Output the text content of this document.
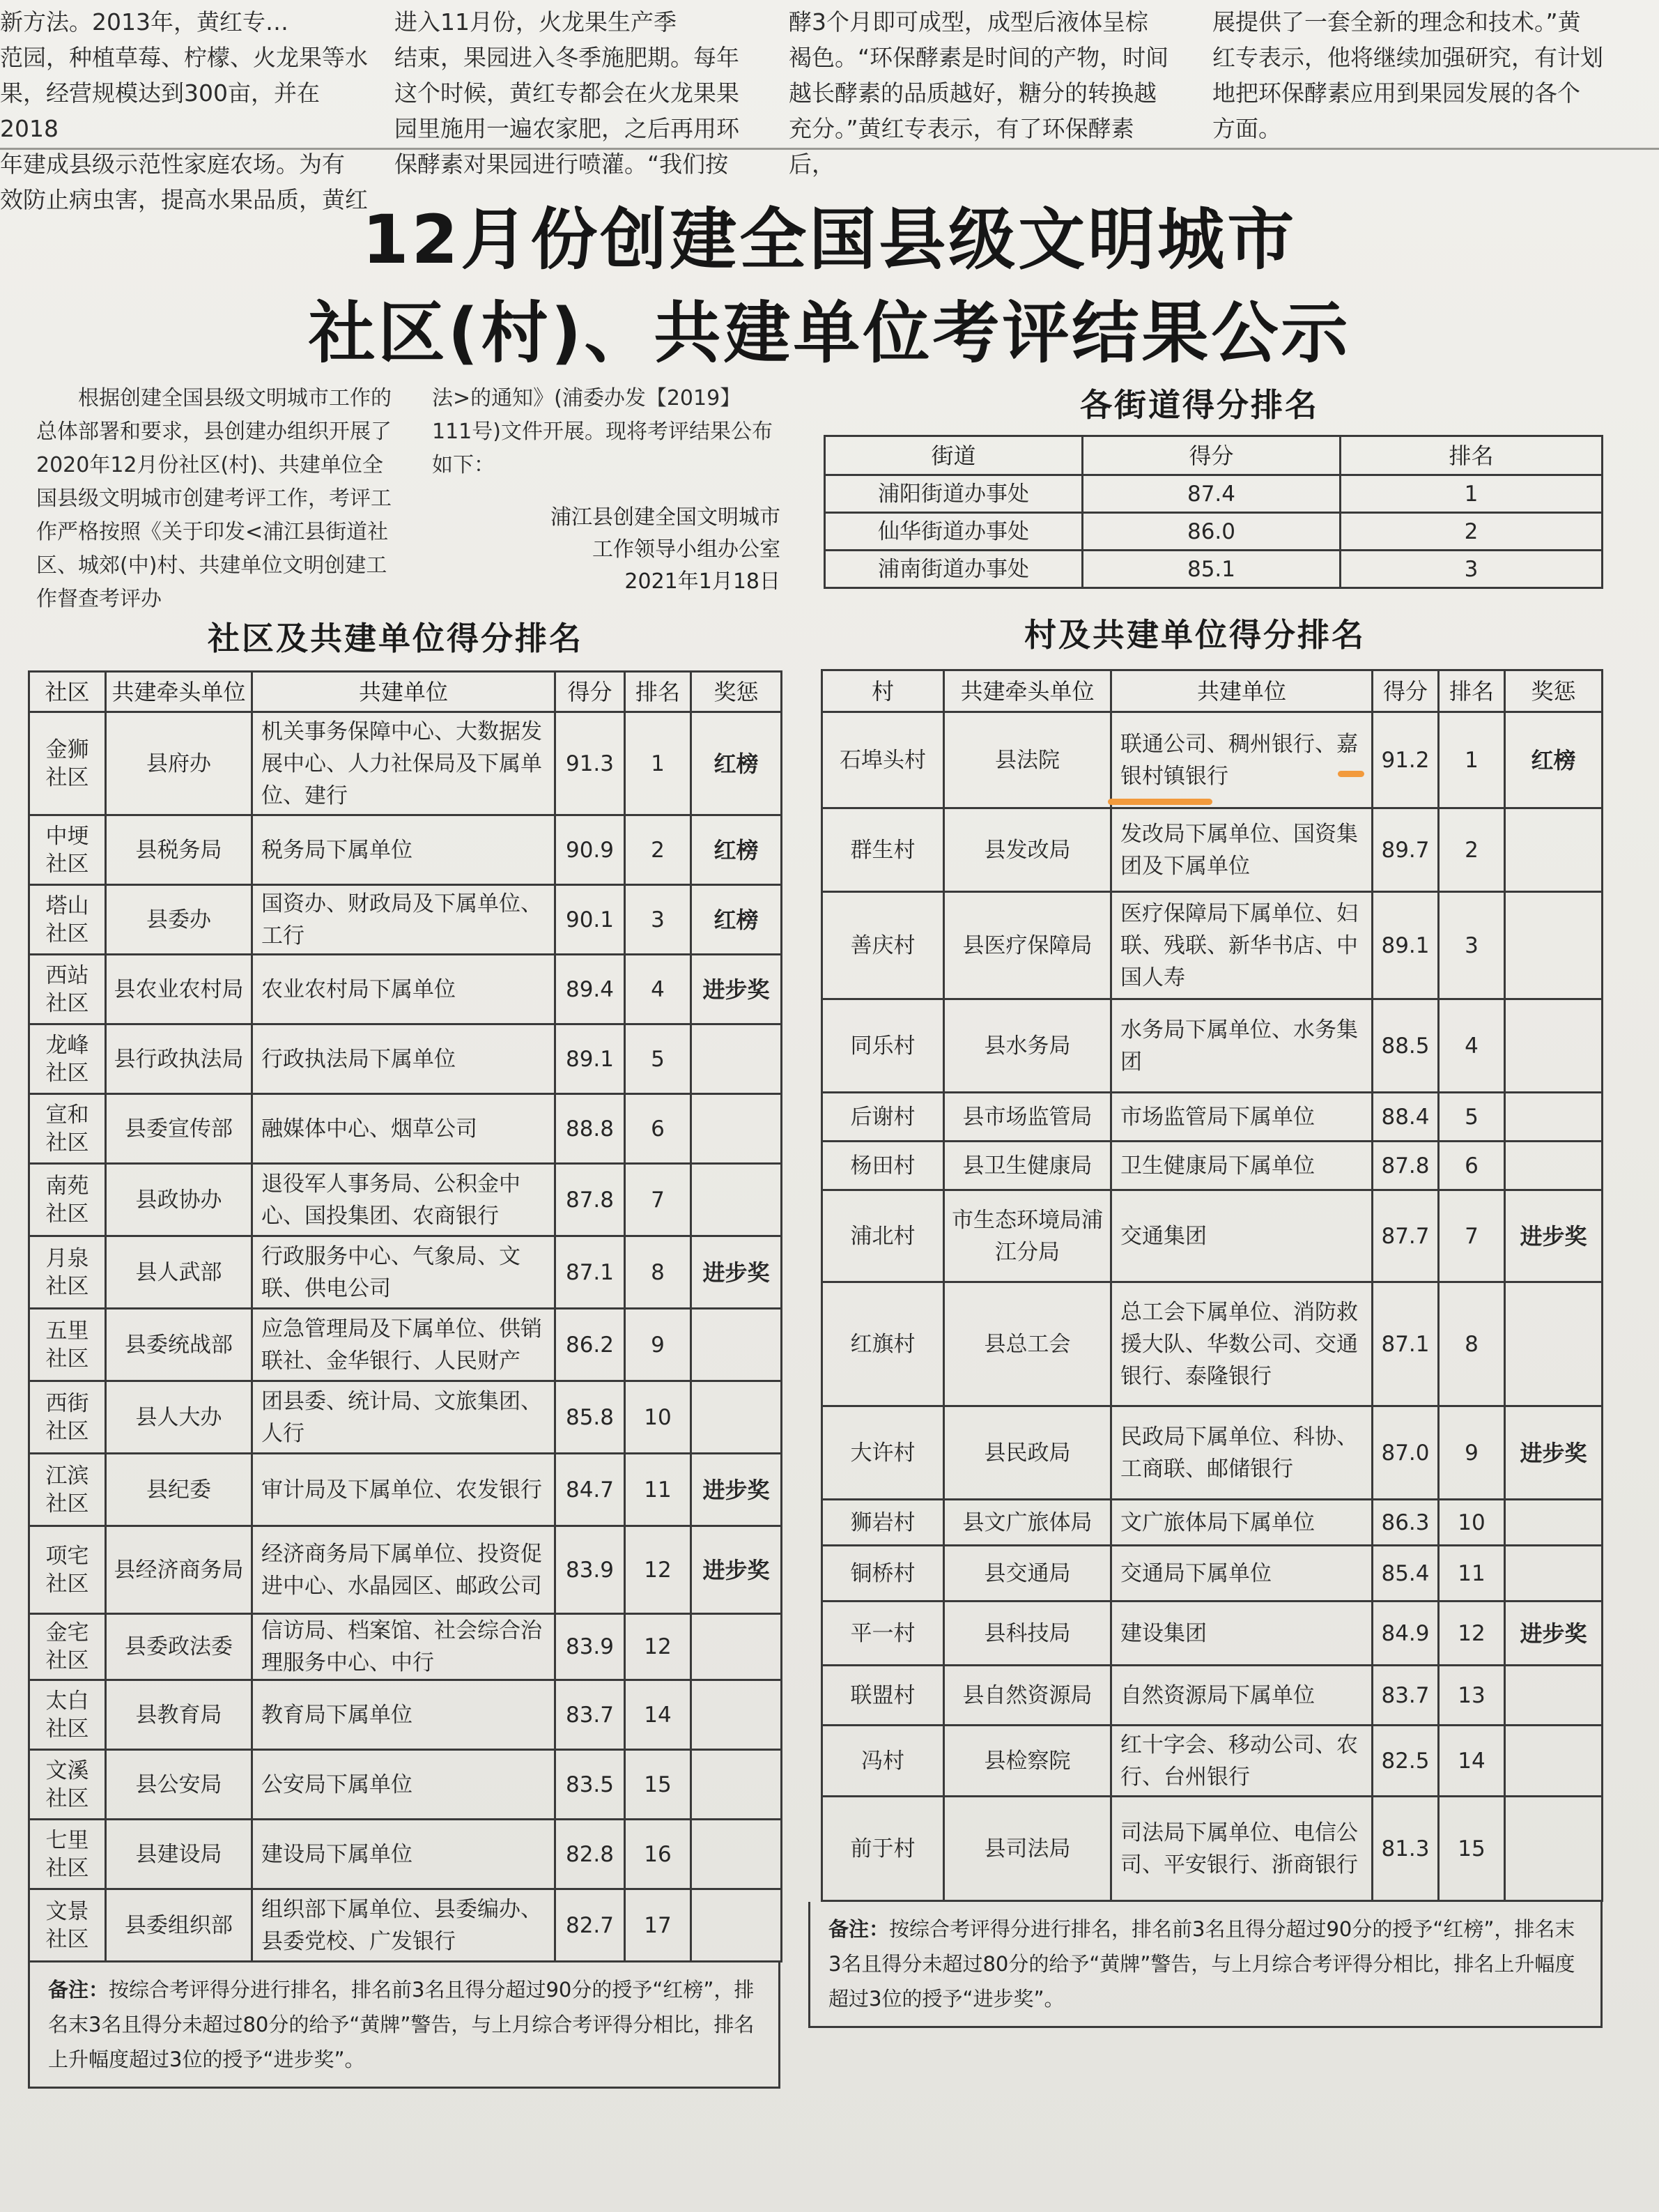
新方法。2013年，黄红专…
范园，种植草莓、柠檬、火龙果等水
果，经营规模达到300亩，并在2018
年建成县级示范性家庭农场。为有
效防止病虫害，提高水果品质，黄红
进入11月份，火龙果生产季
结束，果园进入冬季施肥期。每年
这个时候，黄红专都会在火龙果果
园里施用一遍农家肥，之后再用环
保酵素对果园进行喷灌。“我们按
酵3个月即可成型，成型后液体呈棕
褐色。“环保酵素是时间的产物，时间
越长酵素的品质越好，糖分的转换越
充分。”黄红专表示，有了环保酵素后，
展提供了一套全新的理念和技术。”黄
红专表示，他将继续加强研究，有计划
地把环保酵素应用到果园发展的各个
方面。
12月份创建全国县级文明城市
社区(村)、共建单位考评结果公示
根据创建全国县级文明城市工作的总体部署和要求，县创建办组织开展了2020年12月份社区(村)、共建单位全国县级文明城市创建考评工作，考评工作严格按照《关于印发<浦江县街道社区、城郊(中)村、共建单位文明创建工作督查考评办
法>的通知》(浦委办发【2019】111号)文件开展。现将考评结果公布如下：
浦江县创建全国文明城市
工作领导小组办公室
2021年1月18日
各街道得分排名
街道	得分	排名
浦阳街道办事处	87.4	1
仙华街道办事处	86.0	2
浦南街道办事处	85.1	3
社区及共建单位得分排名
社区	共建牵头单位	共建单位	得分	排名	奖惩
金狮社区	县府办	机关事务保障中心、大数据发展中心、人力社保局及下属单位、建行	91.3	1	红榜
中埂社区	县税务局	税务局下属单位	90.9	2	红榜
塔山社区	县委办	国资办、财政局及下属单位、工行	90.1	3	红榜
西站社区	县农业农村局	农业农村局下属单位	89.4	4	进步奖
龙峰社区	县行政执法局	行政执法局下属单位	89.1	5	
宣和社区	县委宣传部	融媒体中心、烟草公司	88.8	6	
南苑社区	县政协办	退役军人事务局、公积金中心、国投集团、农商银行	87.8	7	
月泉社区	县人武部	行政服务中心、气象局、文联、供电公司	87.1	8	进步奖
五里社区	县委统战部	应急管理局及下属单位、供销联社、金华银行、人民财产	86.2	9	
西街社区	县人大办	团县委、统计局、文旅集团、人行	85.8	10	
江滨社区	县纪委	审计局及下属单位、农发银行	84.7	11	进步奖
项宅社区	县经济商务局	经济商务局下属单位、投资促进中心、水晶园区、邮政公司	83.9	12	进步奖
金宅社区	县委政法委	信访局、档案馆、社会综合治理服务中心、中行	83.9	12	
太白社区	县教育局	教育局下属单位	83.7	14	
文溪社区	县公安局	公安局下属单位	83.5	15	
七里社区	县建设局	建设局下属单位	82.8	16	
文景社区	县委组织部	组织部下属单位、县委编办、县委党校、广发银行	82.7	17	
备注：按综合考评得分进行排名，排名前3名且得分超过90分的授予“红榜”，排名末3名且得分未超过80分的给予“黄牌”警告，与上月综合考评得分相比，排名上升幅度超过3位的授予“进步奖”。
村及共建单位得分排名
村	共建牵头单位	共建单位	得分	排名	奖惩
石埠头村	县法院	联通公司、稠州银行、嘉银村镇银行	91.2	1	红榜
群生村	县发改局	发改局下属单位、国资集团及下属单位	89.7	2	
善庆村	县医疗保障局	医疗保障局下属单位、妇联、残联、新华书店、中国人寿	89.1	3	
同乐村	县水务局	水务局下属单位、水务集团	88.5	4	
后谢村	县市场监管局	市场监管局下属单位	88.4	5	
杨田村	县卫生健康局	卫生健康局下属单位	87.8	6	
浦北村	市生态环境局浦江分局	交通集团	87.7	7	进步奖
红旗村	县总工会	总工会下属单位、消防救援大队、华数公司、交通银行、泰隆银行	87.1	8	
大许村	县民政局	民政局下属单位、科协、工商联、邮储银行	87.0	9	进步奖
狮岩村	县文广旅体局	文广旅体局下属单位	86.3	10	
铜桥村	县交通局	交通局下属单位	85.4	11	
平一村	县科技局	建设集团	84.9	12	进步奖
联盟村	县自然资源局	自然资源局下属单位	83.7	13	
冯村	县检察院	红十字会、移动公司、农行、台州银行	82.5	14	
前于村	县司法局	司法局下属单位、电信公司、平安银行、浙商银行	81.3	15	
备注：按综合考评得分进行排名，排名前3名且得分超过90分的授予“红榜”，排名末3名且得分未超过80分的给予“黄牌”警告，与上月综合考评得分相比，排名上升幅度超过3位的授予“进步奖”。
